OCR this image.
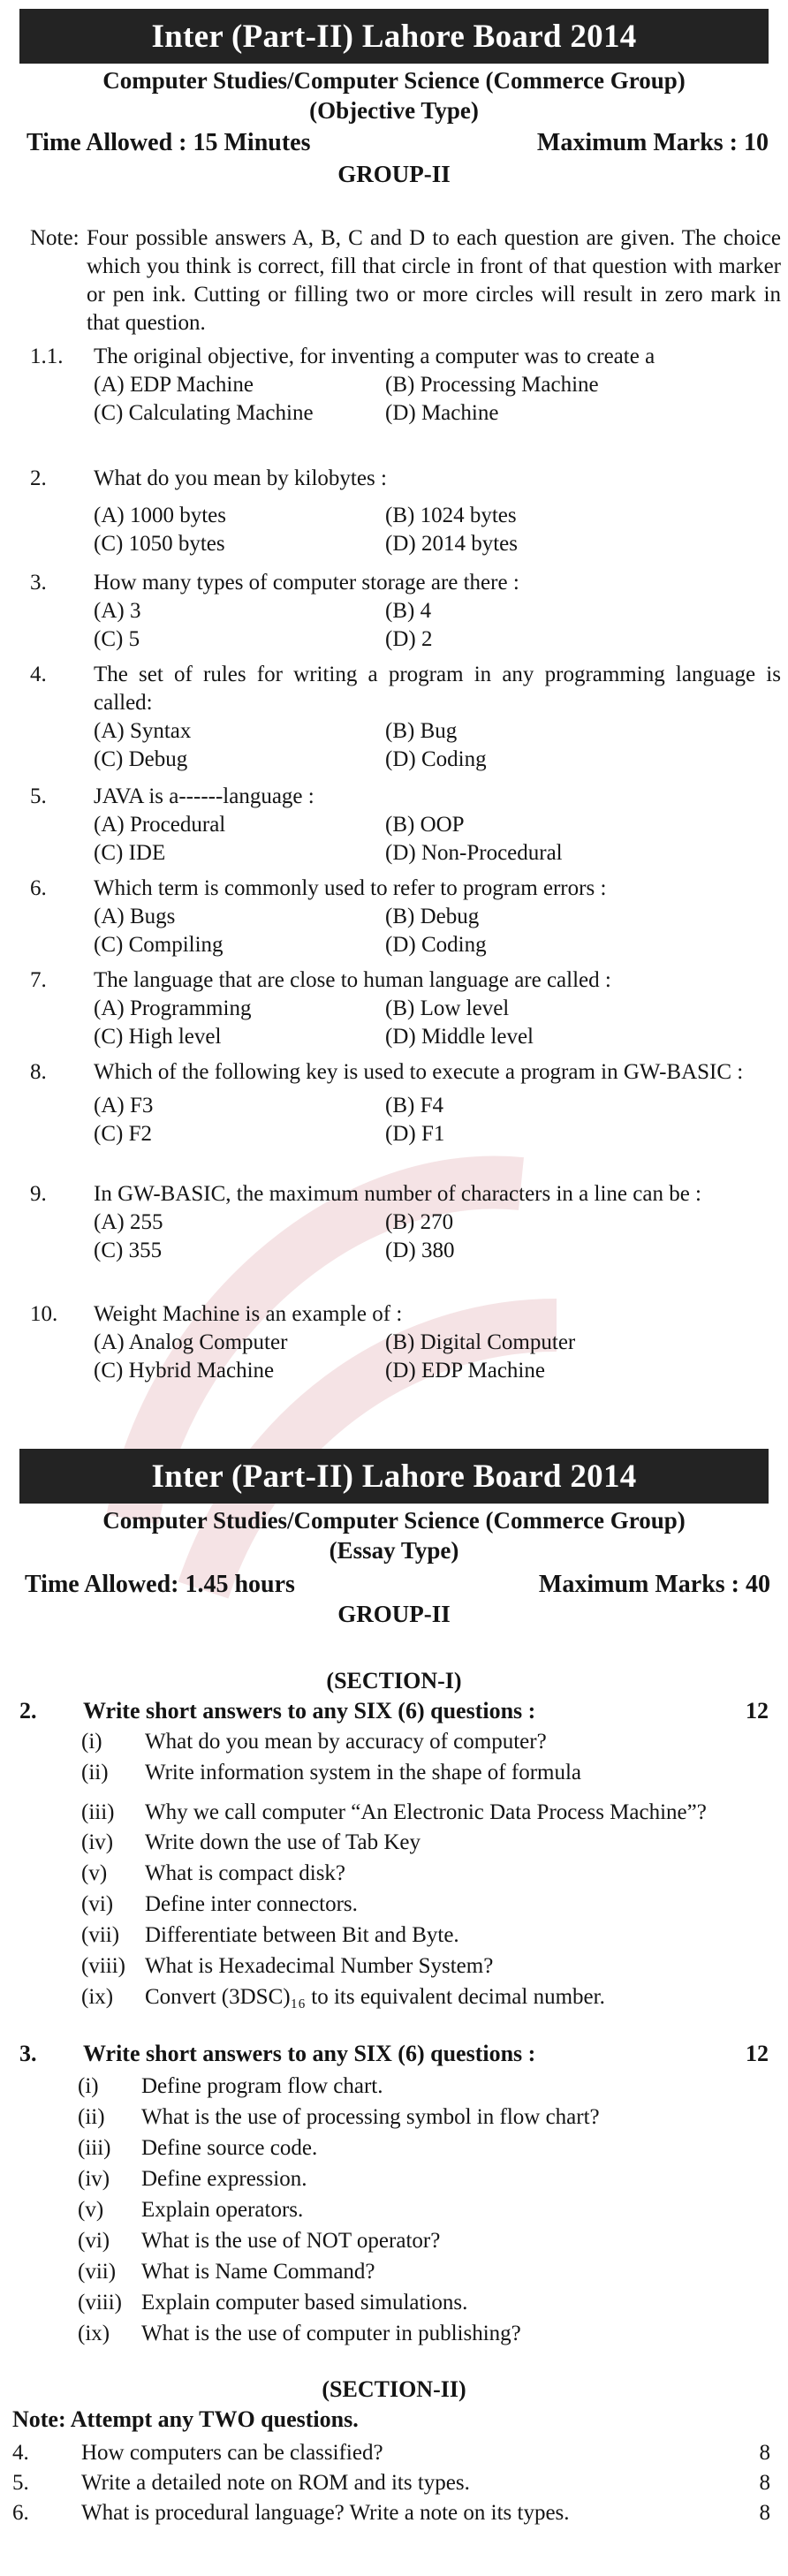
Inter (Part-II) Lahore Board 2014
Computer Studies/Computer Science (Commerce Group)
(Objective Type)
Time Allowed : 15 Minutes	Maximum Marks : 10
GROUP-II
Note: Four possible answers A, B, C and D to each question are given. The choice which you think is correct, fill that circle in front of that question with marker or pen ink. Cutting or filling two or more circles will result in zero mark in that question.
1.1.	The original objective, for inventing a computer was to create a
(A) EDP Machine	(B) Processing Machine
(C) Calculating Machine	(D) Machine
2.	What do you mean by kilobytes :
(A) 1000 bytes	(B) 1024 bytes
(C) 1050 bytes	(D) 2014 bytes
3.	How many types of computer storage are there :
(A) 3	(B) 4
(C) 5	(D) 2
4.	The set of rules for writing a program in any programming language is called:
(A) Syntax	(B) Bug
(C) Debug	(D) Coding
5.	JAVA is a------language :
(A) Procedural	(B) OOP
(C) IDE	(D) Non-Procedural
6.	Which term is commonly used to refer to program errors :
(A) Bugs	(B) Debug
(C) Compiling	(D) Coding
7.	The language that are close to human language are called :
(A) Programming	(B) Low level
(C) High level	(D) Middle level
8.	Which of the following key is used to execute a program in GW-BASIC :
(A) F3	(B) F4
(C) F2	(D) F1
9.	In GW-BASIC, the maximum number of characters in a line can be :
(A) 255	(B) 270
(C) 355	(D) 380
10.	Weight Machine is an example of :
(A) Analog Computer	(B) Digital Computer
(C) Hybrid Machine	(D) EDP Machine
Inter (Part-II) Lahore Board 2014
Computer Studies/Computer Science (Commerce Group)
(Essay Type)
Time Allowed: 1.45 hours	Maximum Marks : 40
GROUP-II
(SECTION-I)
2. Write short answers to any SIX (6) questions :	12
(i)	What do you mean by accuracy of computer?
(ii)	Write information system in the shape of formula
(iii)	Why we call computer “An Electronic Data Process Machine”?
(iv)	Write down the use of Tab Key
(v)	What is compact disk?
(vi)	Define inter connectors.
(vii)	Differentiate between Bit and Byte.
(viii) What is Hexadecimal Number System?
(ix)	Convert (3DSC)₁₆ to its equivalent decimal number.
3. Write short answers to any SIX (6) questions :	12
(i)	Define program flow chart.
(ii)	What is the use of processing symbol in flow chart?
(iii)	Define source code.
(iv)	Define expression.
(v)	Explain operators.
(vi)	What is the use of NOT operator?
(vii)	What is Name Command?
(viii) Explain computer based simulations.
(ix)	What is the use of computer in publishing?
(SECTION-II)
Note: Attempt any TWO questions.
4.	How computers can be classified?	8
5.	Write a detailed note on ROM and its types.	8
6.	What is procedural language? Write a note on its types.	8
